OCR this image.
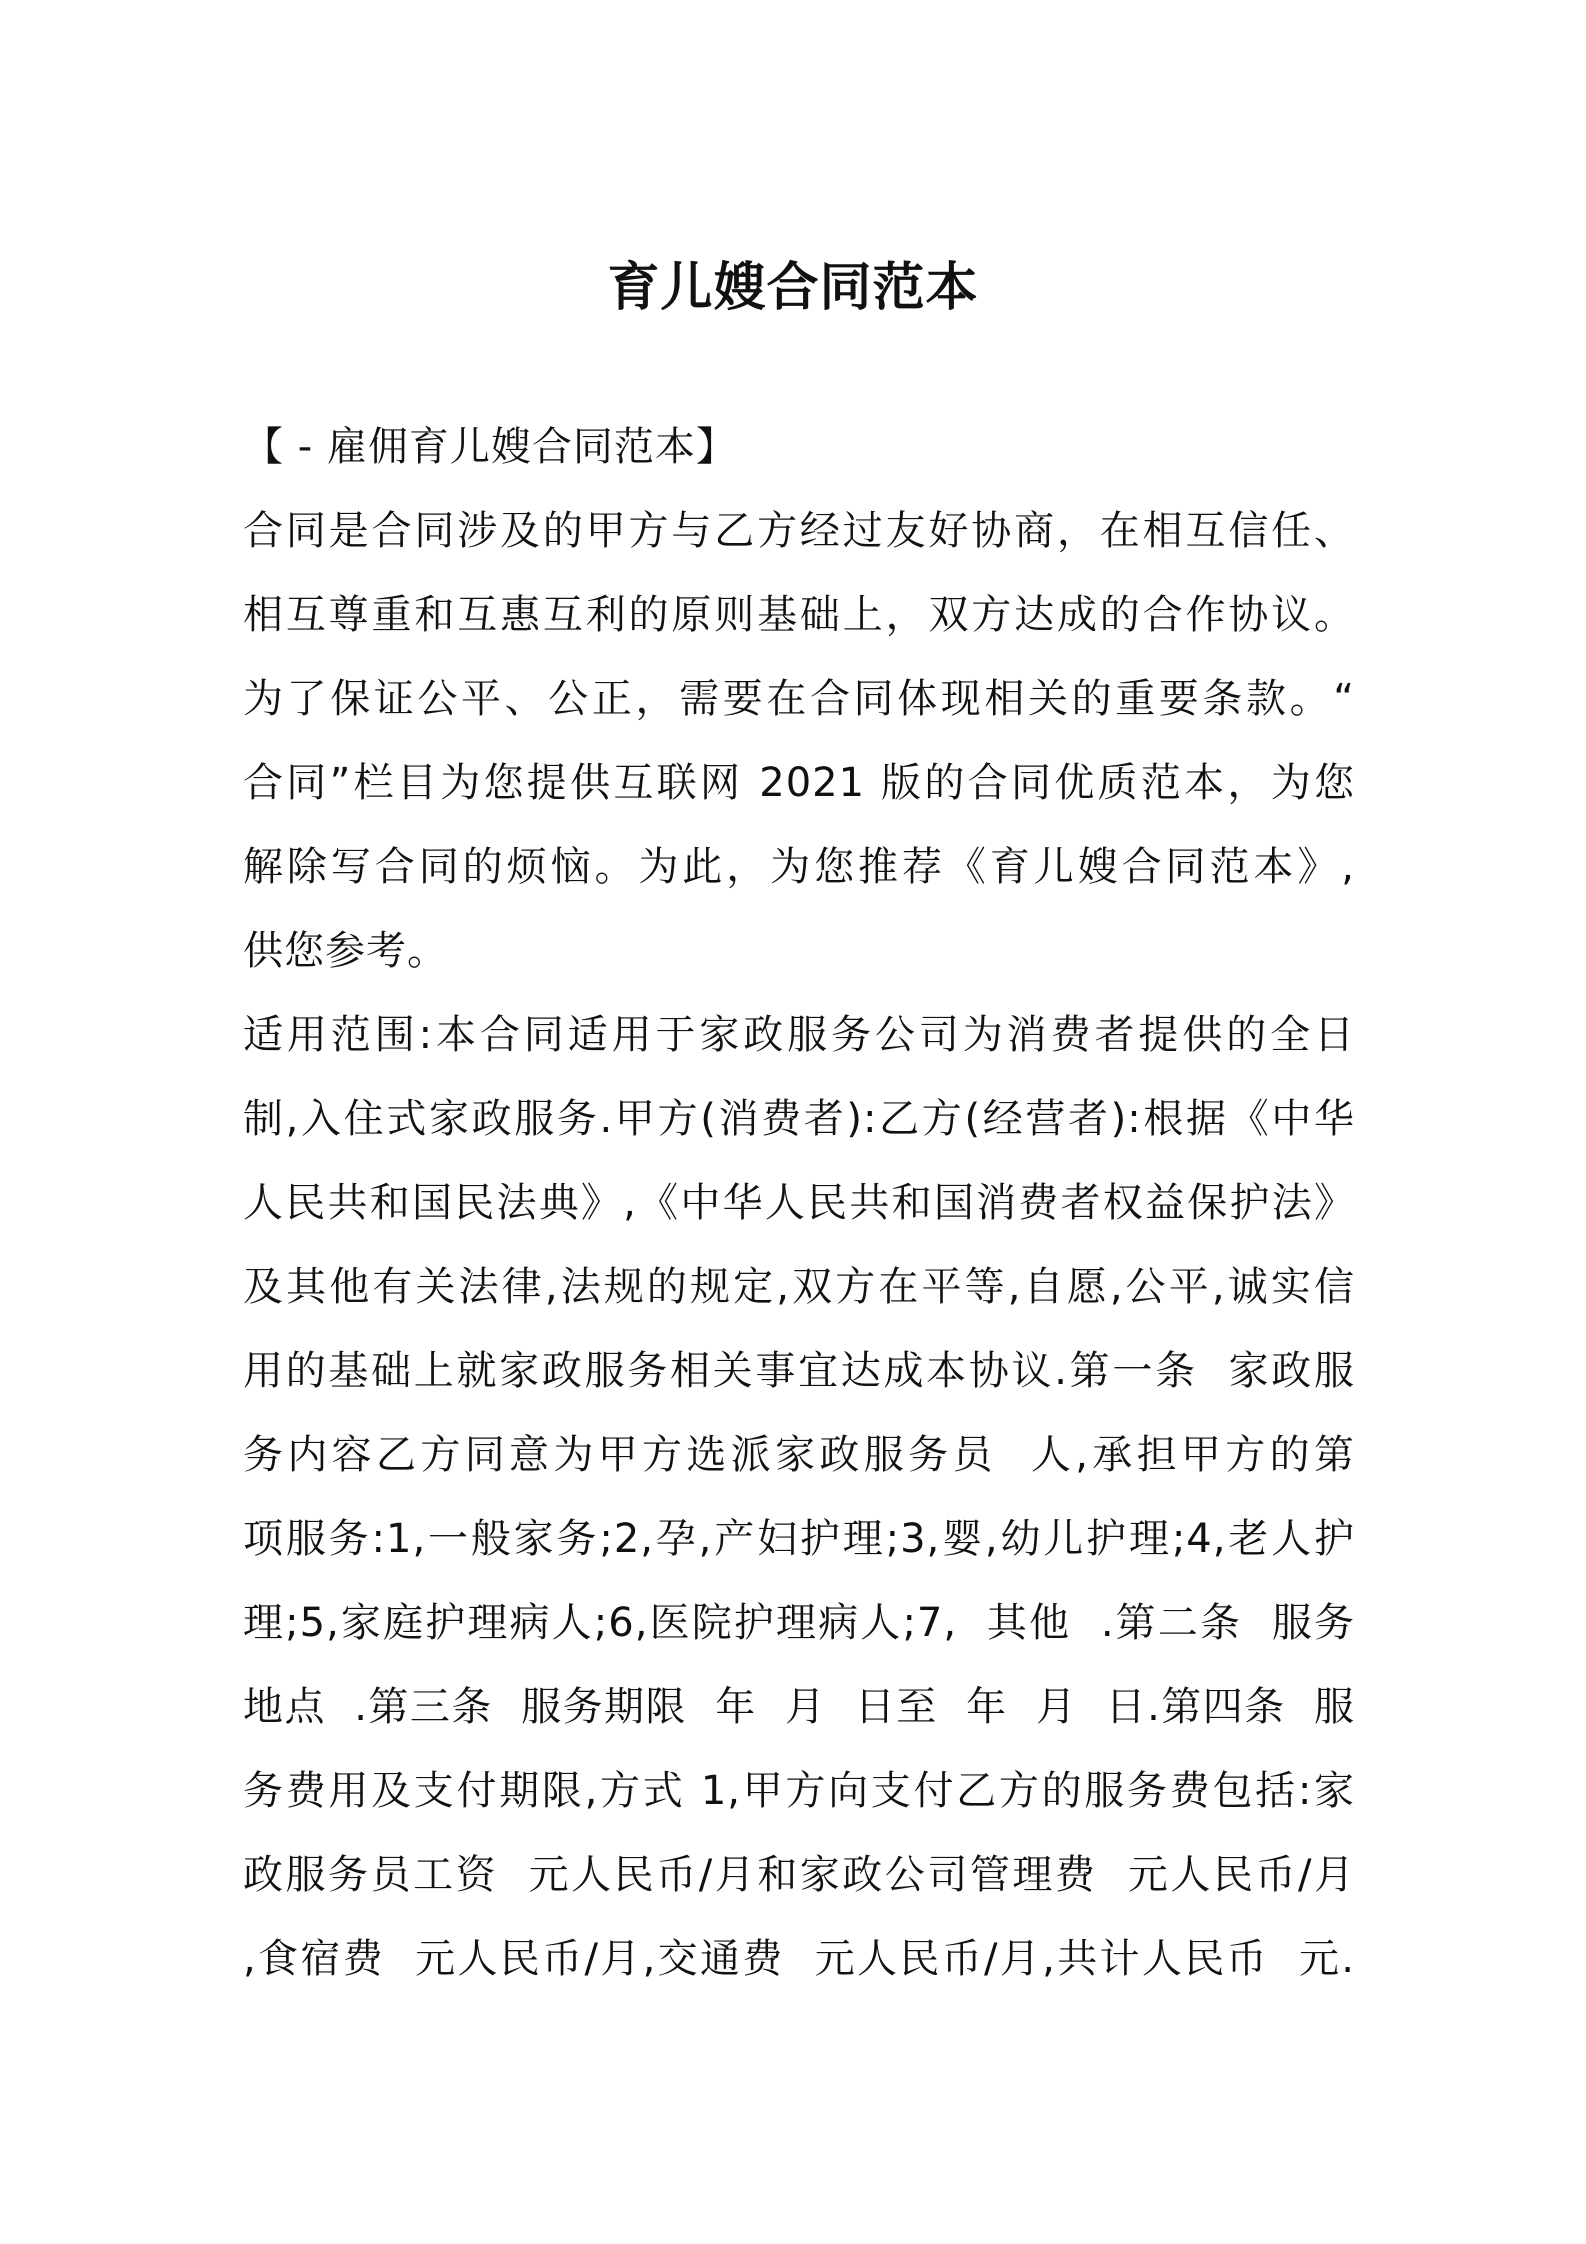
育儿嫂合同范本
【 - 雇佣育儿嫂合同范本】
合同是合同涉及的甲方与乙方经过友好协商，在相互信任、
相互尊重和互惠互利的原则基础上，双方达成的合作协议。
为了保证公平、公正，需要在合同体现相关的重要条款。“
合同”栏目为您提供互联网 2021 版的合同优质范本，为您
解除写合同的烦恼。为此，为您推荐《育儿嫂合同范本》,
供您参考。
适用范围:本合同适用于家政服务公司为消费者提供的全日
制,入住式家政服务.甲方(消费者):乙方(经营者):根据《中华
人民共和国民法典》,《中华人民共和国消费者权益保护法》
及其他有关法律,法规的规定,双方在平等,自愿,公平,诚实信
用的基础上就家政服务相关事宜达成本协议.第一条  家政服
务内容乙方同意为甲方选派家政服务员  人,承担甲方的第
项服务:1,一般家务;2,孕,产妇护理;3,婴,幼儿护理;4,老人护
理;5,家庭护理病人;6,医院护理病人;7,  其他  .第二条  服务
地点  .第三条  服务期限  年  月  日至  年  月  日.第四条  服
务费用及支付期限,方式 1,甲方向支付乙方的服务费包括:家
政服务员工资  元人民币/月和家政公司管理费  元人民币/月
,食宿费  元人民币/月,交通费  元人民币/月,共计人民币  元.
